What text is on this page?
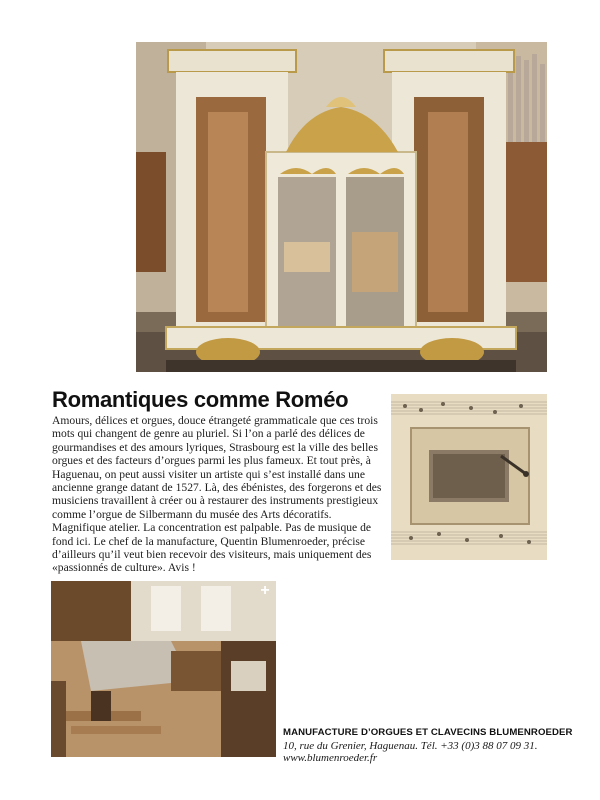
Romantiques comme Roméo

Amours, délices et orgues, douce étrangeté grammaticale que ces trois mots qui changent de genre au pluriel. Si l’on a parlé des délices de gourmandises et des amours lyriques, Strasbourg est la ville des belles orgues et des facteurs d’orgues parmi les plus fameux. Et tout près, à Haguenau, on peut aussi visiter un artiste qui s’est installé dans une ancienne grange datant de 1527. Là, des ébénistes, des forgerons et des musiciens travaillent à créer ou à restaurer des instruments prestigieux comme l’orgue de Silbermann du musée des Arts décoratifs. Magnifique atelier. La concentration est palpable. Pas de musique de fond ici. Le chef de la manufacture, Quentin Blumenroeder, précise d’ailleurs qu’il veut bien recevoir des visiteurs, mais uniquement des «passionnés de culture». Avis !

+
MANUFACTURE D’ORGUES ET CLAVECINS BLUMENROEDER
10, rue du Grenier, Haguenau. Tél. +33 (0)3 88 07 09 31.
www.blumenroeder.fr
